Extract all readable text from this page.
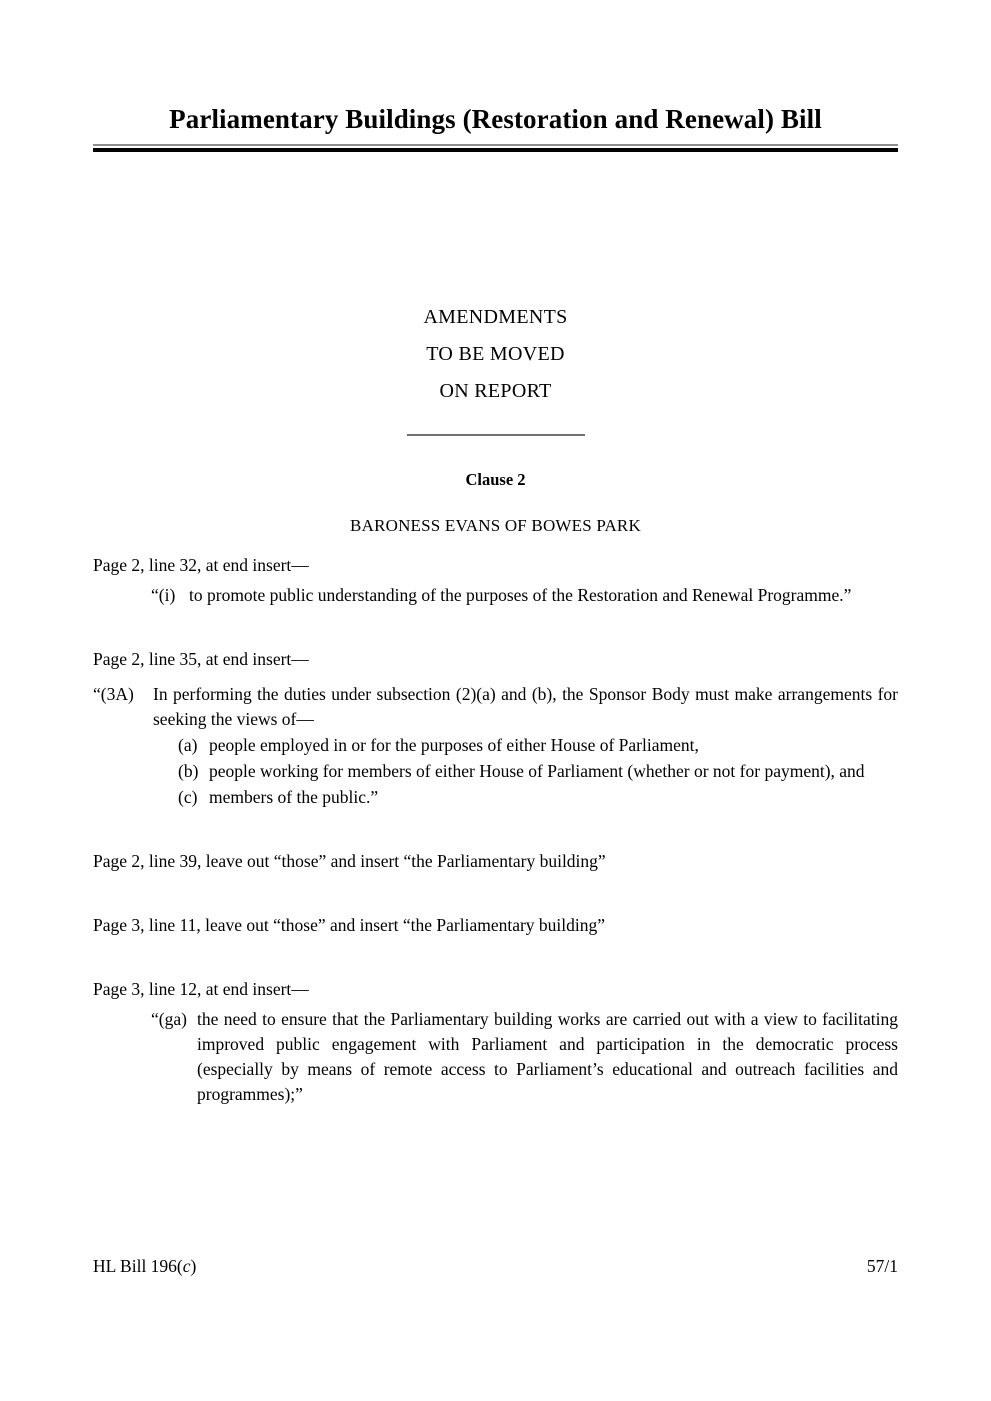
Parliamentary Buildings (Restoration and Renewal) Bill
AMENDMENTS
TO BE MOVED
ON REPORT
Clause 2
BARONESS EVANS OF BOWES PARK
Page 2, line 32, at end insert—
“(i) to promote public understanding of the purposes of the Restoration and Renewal Programme.”
Page 2, line 35, at end insert—
“(3A)	In performing the duties under subsection (2)(a) and (b), the Sponsor Body must make arrangements for seeking the views of—
(a) people employed in or for the purposes of either House of Parliament,
(b) people working for members of either House of Parliament (whether or not for payment), and
(c) members of the public.”
Page 2, line 39, leave out “those” and insert “the Parliamentary building”
Page 3, line 11, leave out “those” and insert “the Parliamentary building”
Page 3, line 12, at end insert—
“(ga) the need to ensure that the Parliamentary building works are carried out with a view to facilitating improved public engagement with Parliament and participation in the democratic process (especially by means of remote access to Parliament’s educational and outreach facilities and programmes);”
HL Bill 196(c)	57/1
